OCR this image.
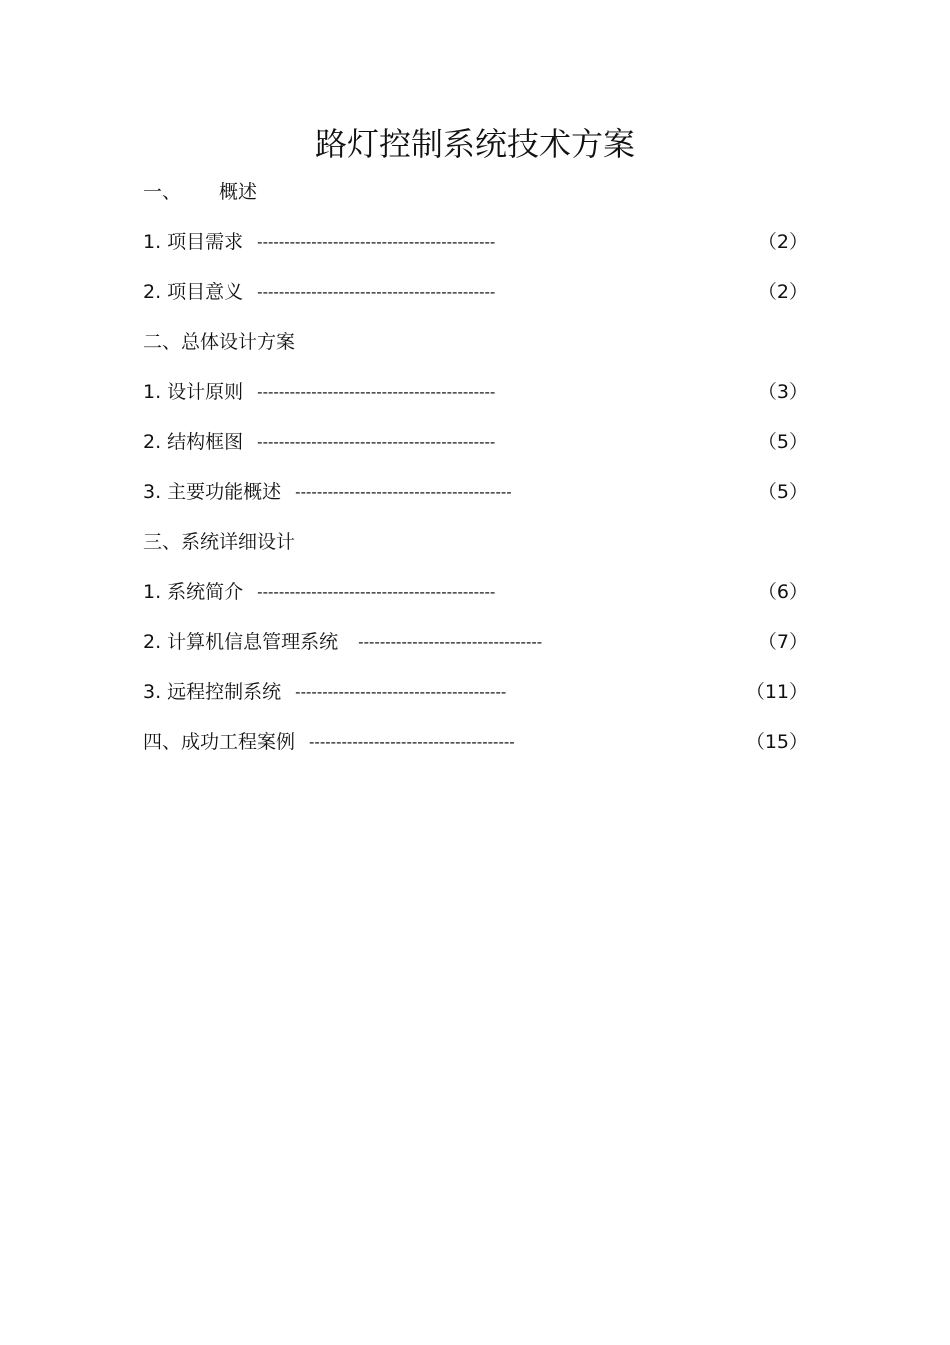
路灯控制系统技术方案
一、 概述
1. 项目需求 --------------------------------------------	（2）
2. 项目意义 --------------------------------------------	（2）
二、总体设计方案
1. 设计原则 --------------------------------------------	（3）
2. 结构框图 --------------------------------------------	（5）
3. 主要功能概述 ----------------------------------------	（5）
三、系统详细设计
1. 系统简介 --------------------------------------------	（6）
2. 计算机信息管理系统 ----------------------------------	（7）
3. 远程控制系统 ---------------------------------------	（11）
四、成功工程案例 --------------------------------------	（15）
